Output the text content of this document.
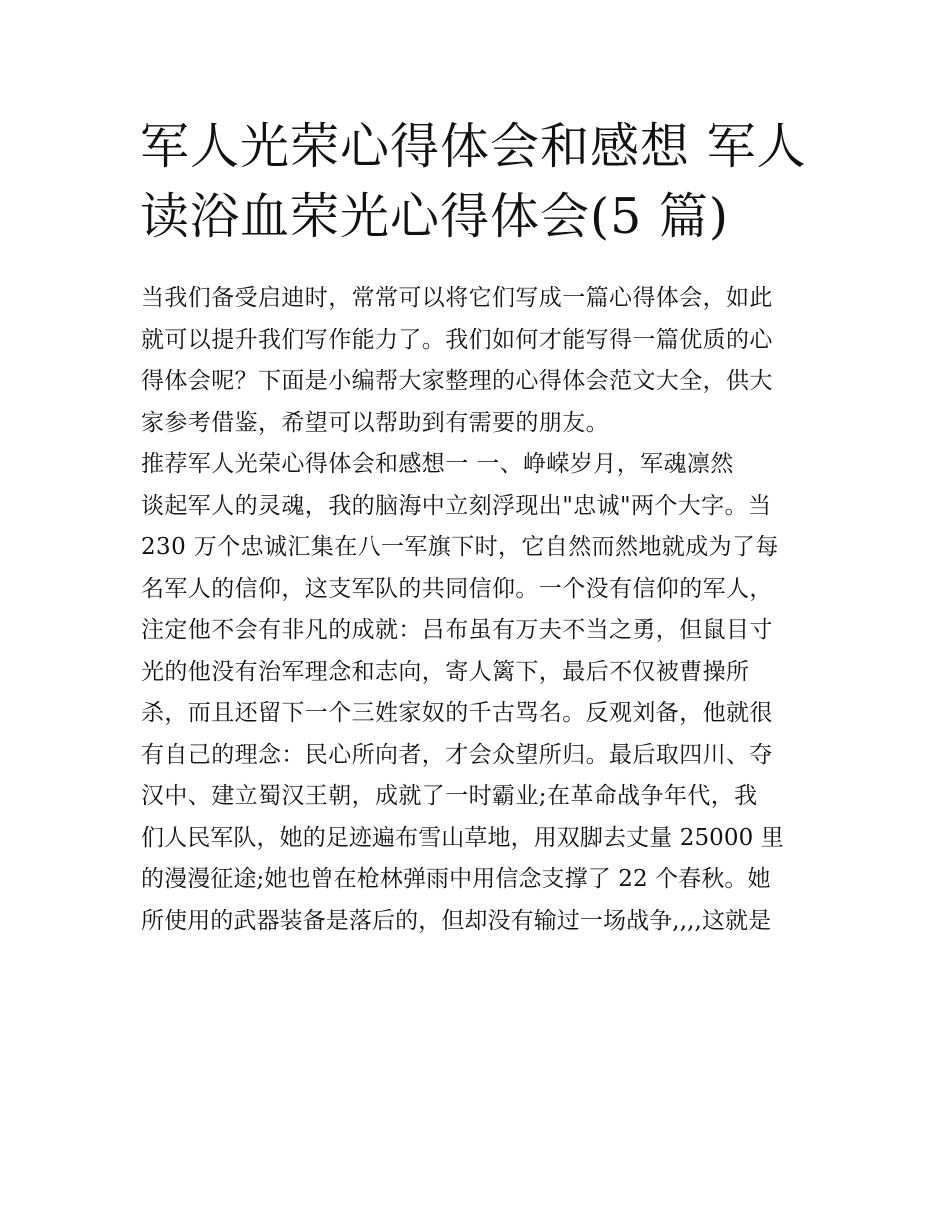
军人光荣心得体会和感想 军人
读浴血荣光心得体会(5 篇)
当我们备受启迪时，常常可以将它们写成一篇心得体会，如此
就可以提升我们写作能力了。我们如何才能写得一篇优质的心
得体会呢？下面是小编帮大家整理的心得体会范文大全，供大
家参考借鉴，希望可以帮助到有需要的朋友。
推荐军人光荣心得体会和感想一 一、峥嵘岁月，军魂凛然
谈起军人的灵魂，我的脑海中立刻浮现出"忠诚"两个大字。当
230 万个忠诚汇集在八一军旗下时，它自然而然地就成为了每
名军人的信仰，这支军队的共同信仰。一个没有信仰的军人，
注定他不会有非凡的成就：吕布虽有万夫不当之勇，但鼠目寸
光的他没有治军理念和志向，寄人篱下，最后不仅被曹操所
杀，而且还留下一个三姓家奴的千古骂名。反观刘备，他就很
有自己的理念：民心所向者，才会众望所归。最后取四川、夺
汉中、建立蜀汉王朝，成就了一时霸业;在革命战争年代，我
们人民军队，她的足迹遍布雪山草地，用双脚去丈量 25000 里
的漫漫征途;她也曾在枪林弹雨中用信念支撑了 22 个春秋。她
所使用的武器装备是落后的，但却没有输过一场战争,,,,这就是
